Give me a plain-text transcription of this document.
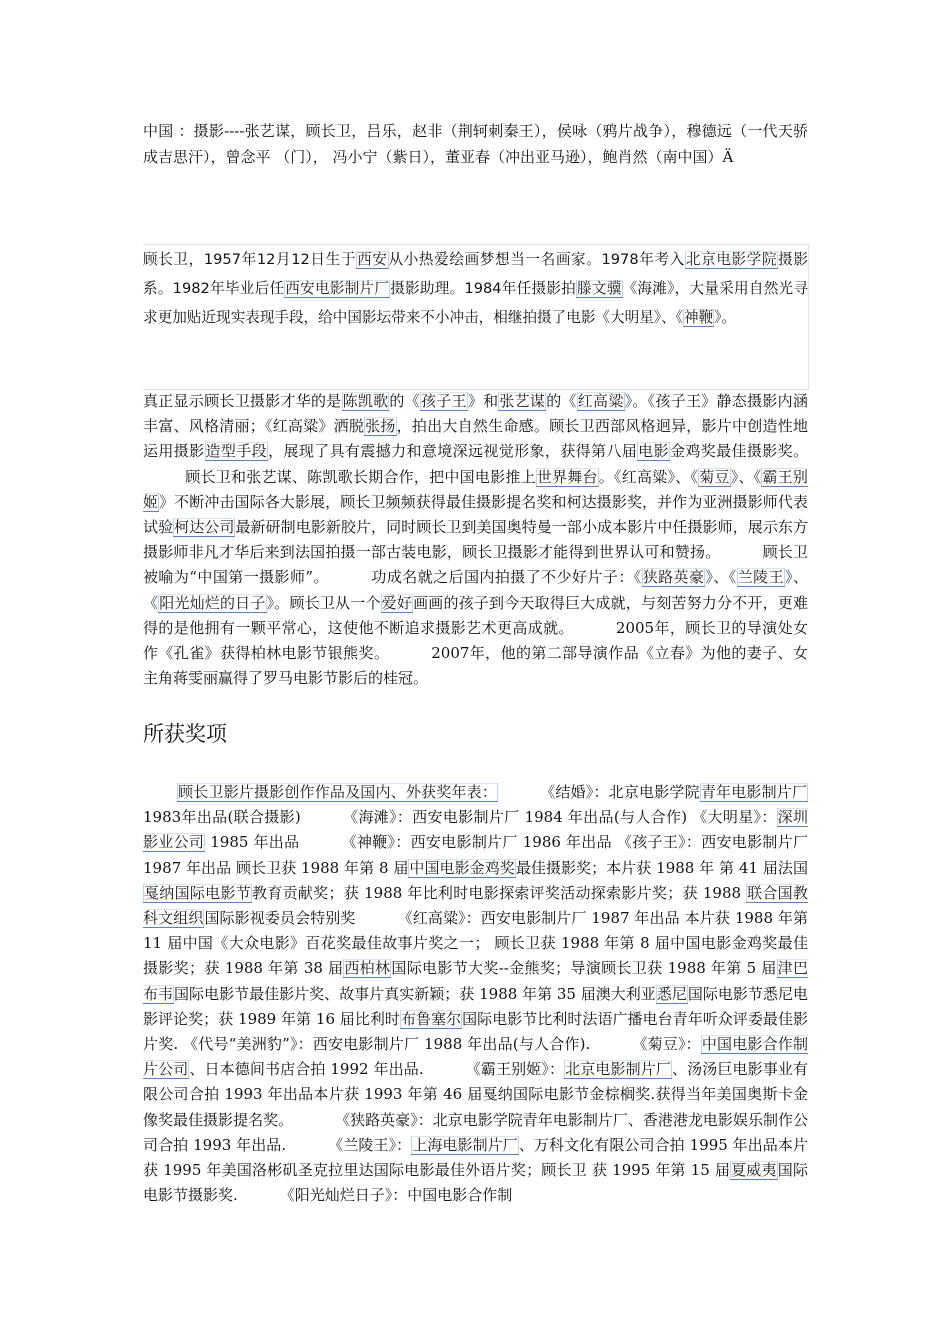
中国 ：摄影----张艺谋，顾长卫，吕乐，赵非（荆轲刺秦王），侯咏（鸦片战争），穆德远（一代天骄成吉思汗），曾念平 （门）， 冯小宁（紫日），董亚春（冲出亚马逊），鲍肖然（南中国）Ä
顾长卫，1957年12月12日生于西安从小热爱绘画梦想当一名画家。1978年考入北京电影学院摄影系。1982年毕业后任西安电影制片厂摄影助理。1984年任摄影拍滕文骥《海滩》，大量采用自然光寻求更加贴近现实表现手段，给中国影坛带来不小冲击，相继拍摄了电影《大明星》、《神鞭》。
真正显示顾长卫摄影才华的是陈凯歌的《孩子王》和张艺谋的《红高粱》。《孩子王》静态摄影内涵丰富、风格清丽；《红高粱》洒脱张扬，拍出大自然生命感。顾长卫西部风格迥异，影片中创造性地运用摄影造型手段，展现了具有震撼力和意境深远视觉形象，获得第八届电影金鸡奖最佳摄影奖。顾长卫和张艺谋、陈凯歌长期合作，把中国电影推上世界舞台。《红高粱》、《菊豆》、《霸王别姬》不断冲击国际各大影展，顾长卫频频获得最佳摄影提名奖和柯达摄影奖，并作为亚洲摄影师代表试验柯达公司最新研制电影新胶片，同时顾长卫到美国奥特曼一部小成本影片中任摄影师，展示东方摄影师非凡才华后来到法国拍摄一部古装电影，顾长卫摄影才能得到世界认可和赞扬。	顾长卫被喻为“中国第一摄影师”。	功成名就之后国内拍摄了不少好片子：《狭路英豪》、《兰陵王》、《阳光灿烂的日子》。顾长卫从一个爱好画画的孩子到今天取得巨大成就，与刻苦努力分不开，更难得的是他拥有一颗平常心，这使他不断追求摄影艺术更高成就。	2005年，顾长卫的导演处女作《孔雀》获得柏林电影节银熊奖。	2007年，他的第二部导演作品《立春》为他的妻子、女主角蒋雯丽赢得了罗马电影节影后的桂冠。
所获奖项
顾长卫影片摄影创作作品及国内、外获奖年表：	《结婚》：北京电影学院青年电影制片厂1983年出品(联合摄影)	《海滩》：西安电影制片厂 1984 年出品(与人合作) 《大明星》：深圳影业公司 1985 年出品	《神鞭》：西安电影制片厂 1986 年出品 《孩子王》：西安电影制片厂 1987 年出品 顾长卫获 1988 年第 8 届中国电影金鸡奖最佳摄影奖；本片获 1988 年 第 41 届法国戛纳国际电影节教育贡献奖；获 1988 年比利时电影探索评奖活动探索影片奖；获 1988 联合国教科文组织国际影视委员会特别奖	《红高粱》：西安电影制片厂 1987 年出品 本片获 1988 年第 11 届中国《大众电影》百花奖最佳故事片奖之一； 顾长卫获 1988 年第 8 届中国电影金鸡奖最佳摄影奖；获 1988 年第 38 届西柏林国际电影节大奖--金熊奖；导演顾长卫获 1988 年第 5 届津巴布韦国际电影节最佳影片奖、故事片真实新颖；获 1988 年第 35 届澳大利亚悉尼国际电影节悉尼电影评论奖；获 1989 年第 16 届比利时布鲁塞尔国际电影节比利时法语广播电台青年听众评委最佳影片奖. 《代号“美洲豹”》：西安电影制片厂 1988 年出品(与人合作).	《菊豆》：中国电影合作制片公司、日本德间书店合拍 1992 年出品.	《霸王别姬》：北京电影制片厂、汤汤巨电影事业有限公司合拍 1993 年出品本片获 1993 年第 46 届戛纳国际电影节金棕榈奖.获得当年美国奥斯卡金像奖最佳摄影提名奖。	《狭路英豪》：北京电影学院青年电影制片厂、香港港龙电影娱乐制作公司合拍 1993 年出品.	《兰陵王》：上海电影制片厂、万科文化有限公司合拍 1995 年出品本片获 1995 年美国洛彬矶圣克拉里达国际电影最佳外语片奖；顾长卫 获 1995 年第 15 届夏威夷国际电影节摄影奖.	《阳光灿烂日子》：中国电影合作制
